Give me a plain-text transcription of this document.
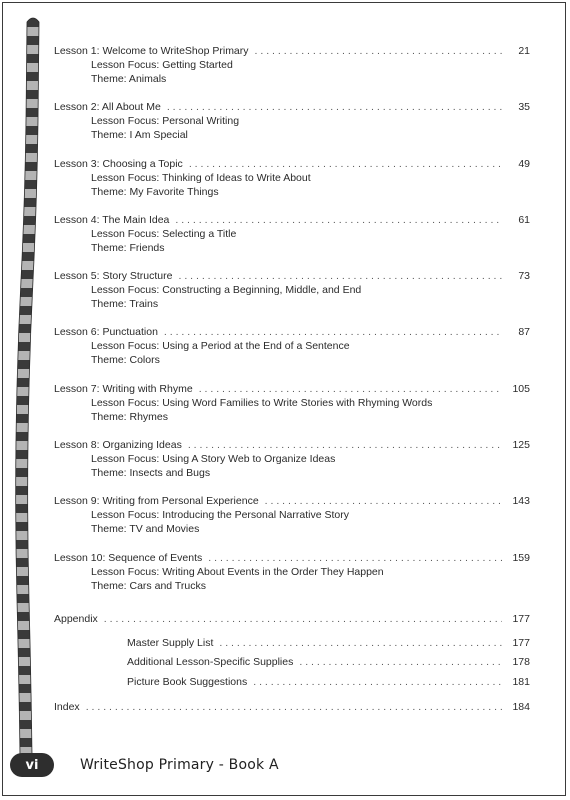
Lesson 1: Welcome to WriteShop Primary . . .	21
Lesson Focus: Getting Started
Theme: Animals
Lesson 2: All About Me . . .	35
Lesson Focus: Personal Writing
Theme: I Am Special
Lesson 3: Choosing a Topic . . .	49
Lesson Focus: Thinking of Ideas to Write About
Theme: My Favorite Things
Lesson 4: The Main Idea . . .	61
Lesson Focus: Selecting a Title
Theme: Friends
Lesson 5: Story Structure . . .	73
Lesson Focus: Constructing a Beginning, Middle, and End
Theme: Trains
Lesson 6: Punctuation . . .	87
Lesson Focus: Using a Period at the End of a Sentence
Theme: Colors
Lesson 7: Writing with Rhyme . . .	105
Lesson Focus: Using Word Families to Write Stories with Rhyming Words
Theme: Rhymes
Lesson 8: Organizing Ideas . . .	125
Lesson Focus: Using A Story Web to Organize Ideas
Theme: Insects and Bugs
Lesson 9: Writing from Personal Experience . . .	143
Lesson Focus: Introducing the Personal Narrative Story
Theme: TV and Movies
Lesson 10: Sequence of Events . . .	159
Lesson Focus: Writing About Events in the Order They Happen
Theme: Cars and Trucks
Appendix . . .	177
Master Supply List . . .	177
Additional Lesson-Specific Supplies . . .	178
Picture Book Suggestions . . .	181
Index . . .	184
vi	WriteShop Primary - Book A
